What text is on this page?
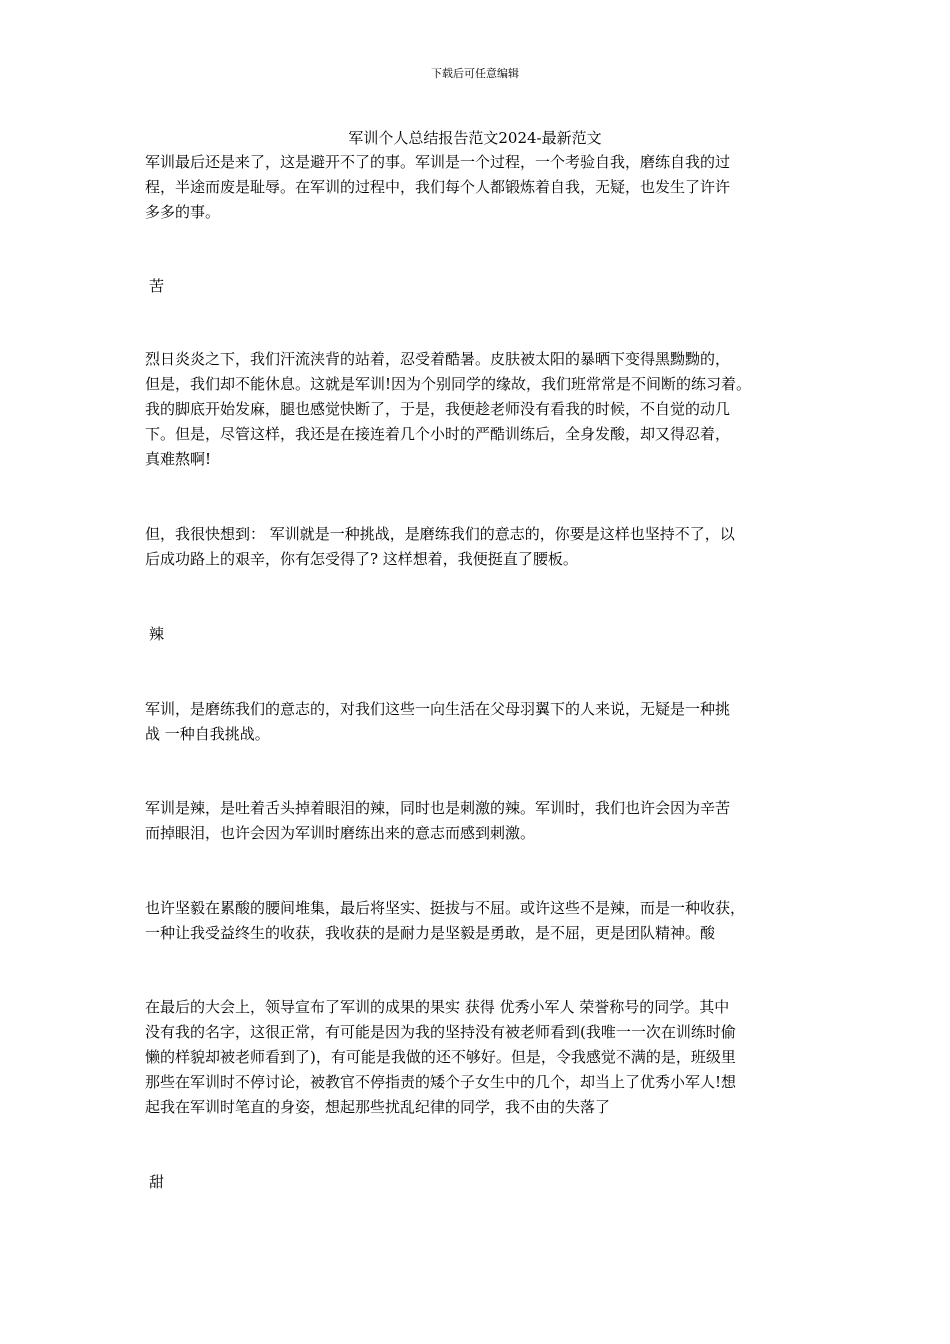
下载后可任意编辑
军训个人总结报告范文2024-最新范文

军训最后还是来了，这是避开不了的事。军训是一个过程，一个考验自我，磨练自我的过
程，半途而废是耻辱。在军训的过程中，我们每个人都锻炼着自我，无疑，也发生了许许
多多的事。

苦

烈日炎炎之下，我们汗流浃背的站着，忍受着酷暑。皮肤被太阳的暴晒下变得黑黝黝的，
但是，我们却不能休息。这就是军训!因为个别同学的缘故，我们班常常是不间断的练习着。
我的脚底开始发麻，腿也感觉快断了，于是，我便趁老师没有看我的时候，不自觉的动几
下。但是，尽管这样，我还是在接连着几个小时的严酷训练后，全身发酸，却又得忍着，
真难熬啊!

但，我很快想到： 军训就是一种挑战，是磨练我们的意志的，你要是这样也坚持不了，以
后成功路上的艰辛，你有怎受得了? 这样想着，我便挺直了腰板。

辣

军训，是磨练我们的意志的，对我们这些一向生活在父母羽翼下的人来说，无疑是一种挑
战 一种自我挑战。

军训是辣，是吐着舌头掉着眼泪的辣，同时也是刺激的辣。军训时，我们也许会因为辛苦
而掉眼泪，也许会因为军训时磨练出来的意志而感到刺激。

也许坚毅在累酸的腰间堆集，最后将坚实、挺拔与不屈。或许这些不是辣，而是一种收获，
一种让我受益终生的收获，我收获的是耐力是坚毅是勇敢，是不屈，更是团队精神。酸

在最后的大会上，领导宣布了军训的成果的果实 获得 优秀小军人 荣誉称号的同学。其中
没有我的名字，这很正常，有可能是因为我的坚持没有被老师看到(我唯一一次在训练时偷
懒的样貌却被老师看到了)，有可能是我做的还不够好。但是，令我感觉不满的是，班级里
那些在军训时不停讨论，被教官不停指责的矮个子女生中的几个，却当上了优秀小军人!想
起我在军训时笔直的身姿，想起那些扰乱纪律的同学，我不由的失落了

甜
